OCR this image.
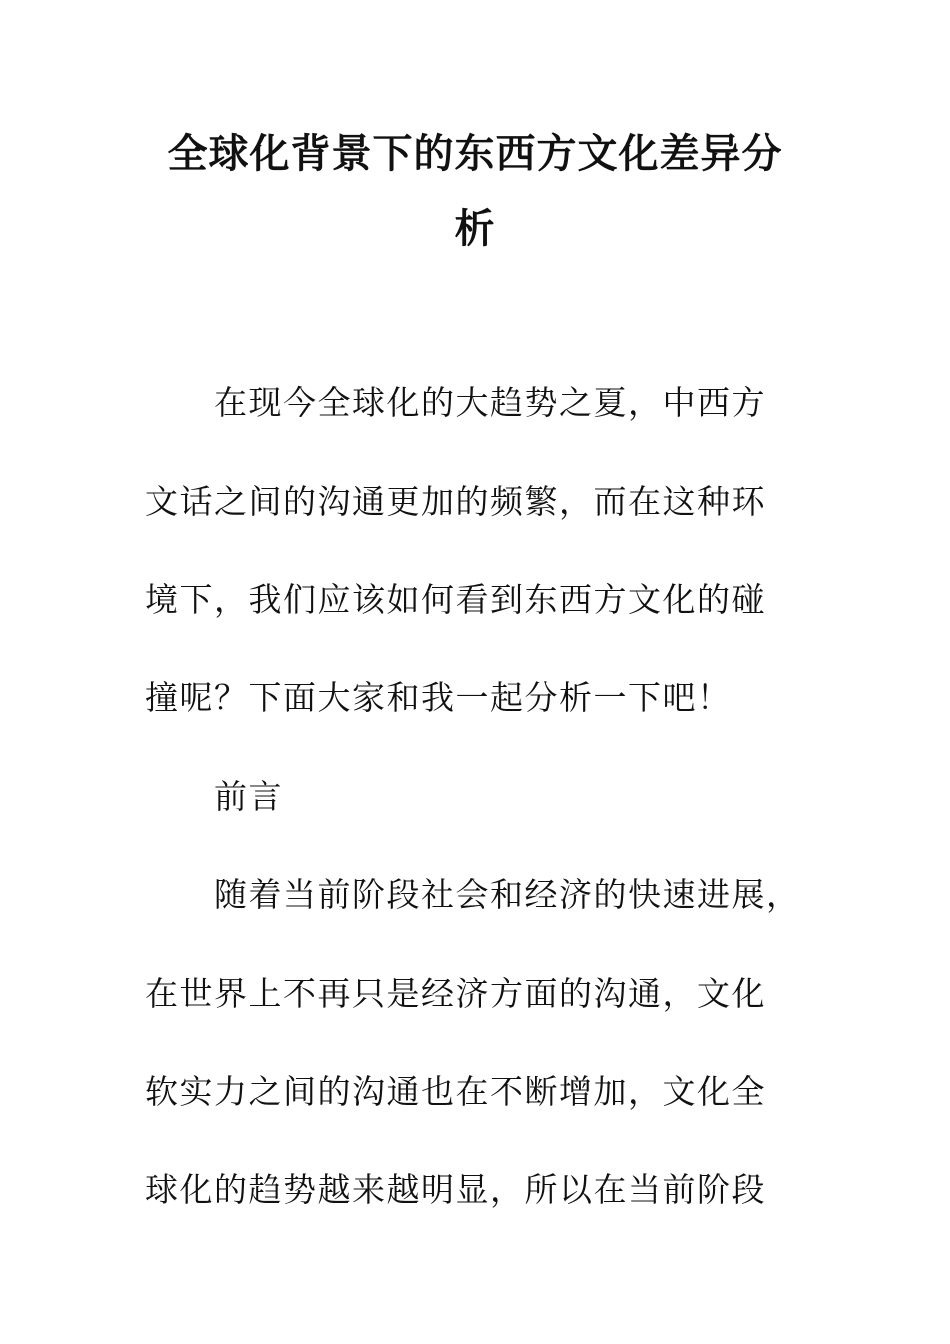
全球化背景下的东西方文化差异分
析
在现今全球化的大趋势之夏，中西方
文话之间的沟通更加的频繁，而在这种环
境下，我们应该如何看到东西方文化的碰
撞呢？下面大家和我一起分析一下吧！
前言
随着当前阶段社会和经济的快速进展，
在世界上不再只是经济方面的沟通，文化
软实力之间的沟通也在不断增加，文化全
球化的趋势越来越明显，所以在当前阶段
